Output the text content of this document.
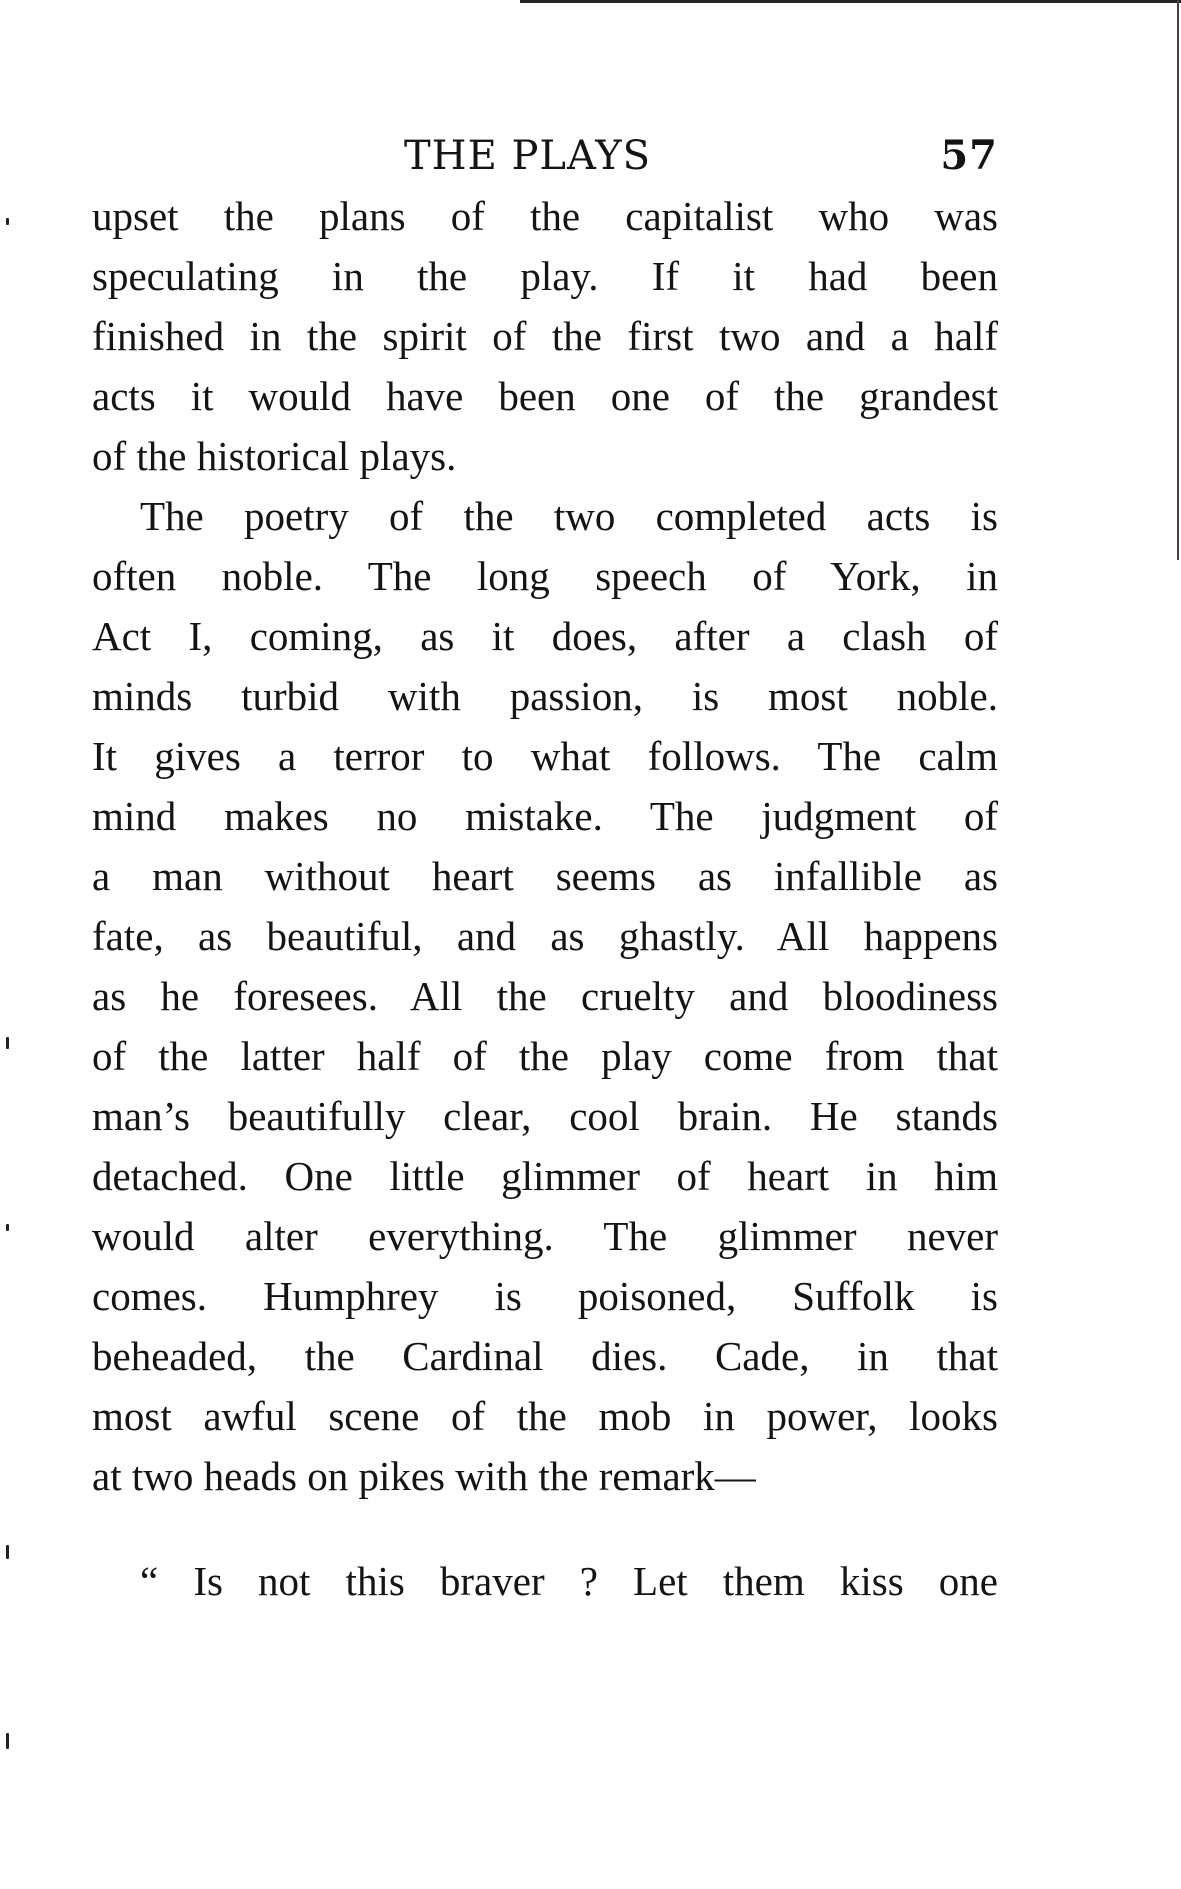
THE PLAYS	57
upset the plans of the capitalist who was
speculating in the play. If it had been
finished in the spirit of the first two and a half
acts it would have been one of the grandest
of the historical plays.
The poetry of the two completed acts is
often noble. The long speech of York, in
Act I, coming, as it does, after a clash of
minds turbid with passion, is most noble.
It gives a terror to what follows. The calm
mind makes no mistake. The judgment of
a man without heart seems as infallible as
fate, as beautiful, and as ghastly. All happens
as he foresees. All the cruelty and bloodiness
of the latter half of the play come from that
man’s beautifully clear, cool brain. He stands
detached. One little glimmer of heart in him
would alter everything. The glimmer never
comes. Humphrey is poisoned, Suffolk is
beheaded, the Cardinal dies. Cade, in that
most awful scene of the mob in power, looks
at two heads on pikes with the remark—
“ Is not this braver ? Let them kiss one
